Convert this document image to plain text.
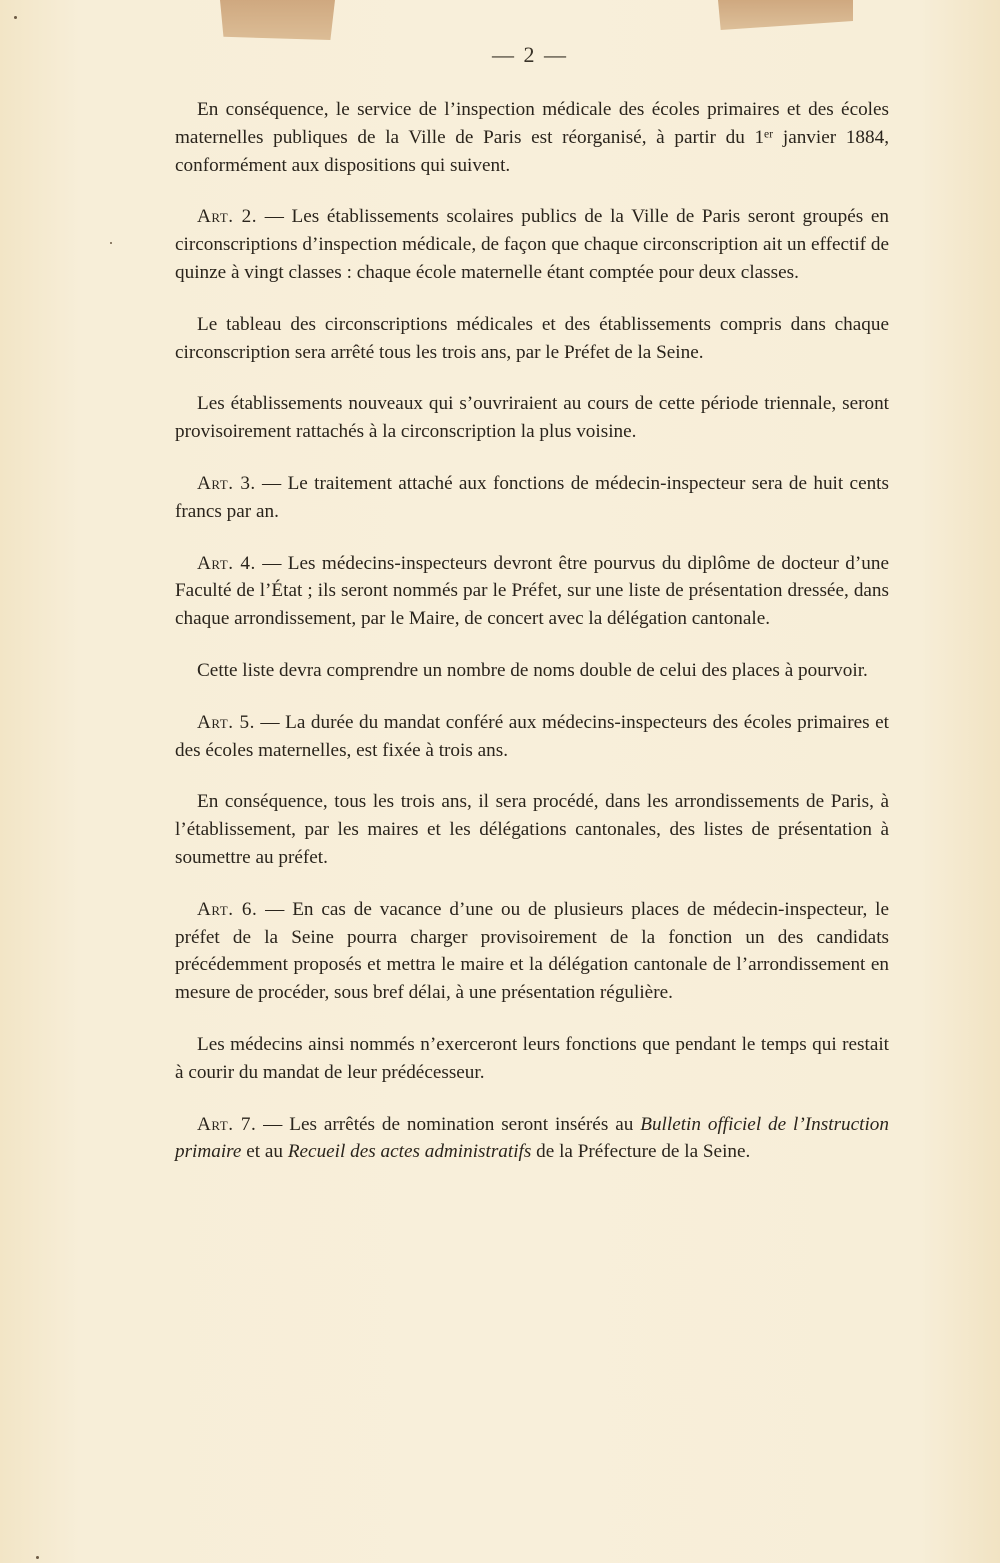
— 2 —

En conséquence, le service de l’inspection médicale des écoles primaires et des écoles maternelles publiques de la Ville de Paris est réorganisé, à partir du 1ᵉʳ janvier 1884, conformément aux dispositions qui suivent.

Art. 2. — Les établissements scolaires publics de la Ville de Paris seront groupés en circonscriptions d’inspection médicale, de façon que chaque circonscription ait un effectif de quinze à vingt classes : chaque école maternelle étant comptée pour deux classes.

Le tableau des circonscriptions médicales et des établissements compris dans chaque circonscription sera arrêté tous les trois ans, par le Préfet de la Seine.

Les établissements nouveaux qui s’ouvriraient au cours de cette période triennale, seront provisoirement rattachés à la circonscription la plus voisine.

Art. 3. — Le traitement attaché aux fonctions de médecin-inspecteur sera de huit cents francs par an.

Art. 4. — Les médecins-inspecteurs devront être pourvus du diplôme de docteur d’une Faculté de l’État ; ils seront nommés par le Préfet, sur une liste de présentation dressée, dans chaque arrondissement, par le Maire, de concert avec la délégation cantonale.

Cette liste devra comprendre un nombre de noms double de celui des places à pourvoir.

Art. 5. — La durée du mandat conféré aux médecins-inspecteurs des écoles primaires et des écoles maternelles, est fixée à trois ans.

En conséquence, tous les trois ans, il sera procédé, dans les arrondissements de Paris, à l’établissement, par les maires et les délégations cantonales, des listes de présentation à soumettre au préfet.

Art. 6. — En cas de vacance d’une ou de plusieurs places de médecin-inspecteur, le préfet de la Seine pourra charger provisoirement de la fonction un des candidats précédemment proposés et mettra le maire et la délégation cantonale de l’arrondissement en mesure de procéder, sous bref délai, à une présentation régulière.

Les médecins ainsi nommés n’exerceront leurs fonctions que pendant le temps qui restait à courir du mandat de leur prédécesseur.

Art. 7. — Les arrêtés de nomination seront insérés au Bulletin officiel de l’Instruction primaire et au Recueil des actes administratifs de la Préfecture de la Seine.
